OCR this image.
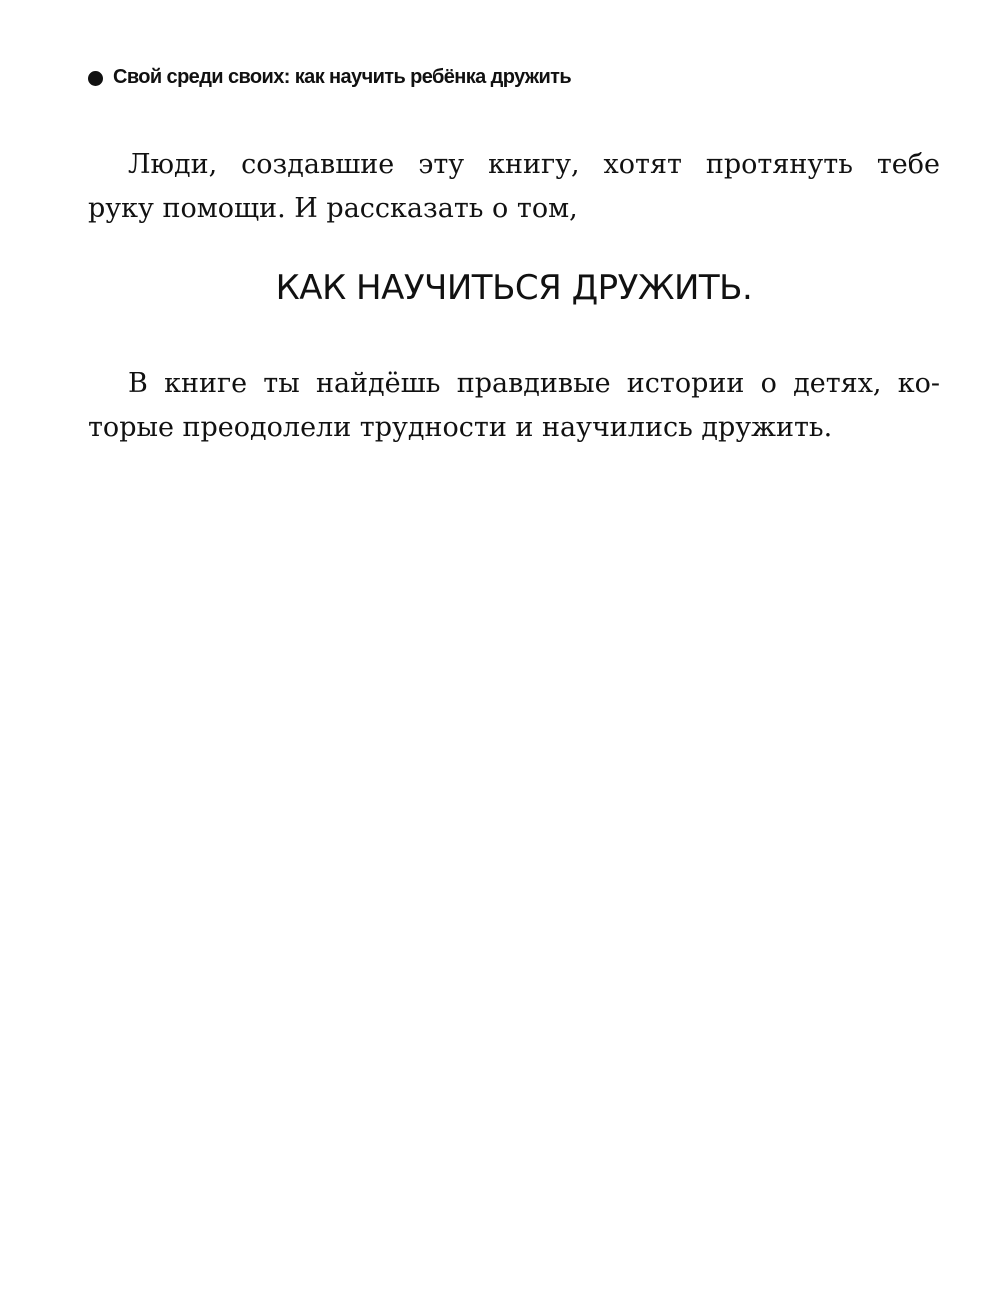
Свой среди своих: как научить ребёнка дружить
Люди, создавшие эту книгу, хотят протянуть тебе
руку помощи. И рассказать о том,
КАК НАУЧИТЬСЯ ДРУЖИТЬ.
В книге ты найдёшь правдивые истории о детях, ко-
торые преодолели трудности и научились дружить.
